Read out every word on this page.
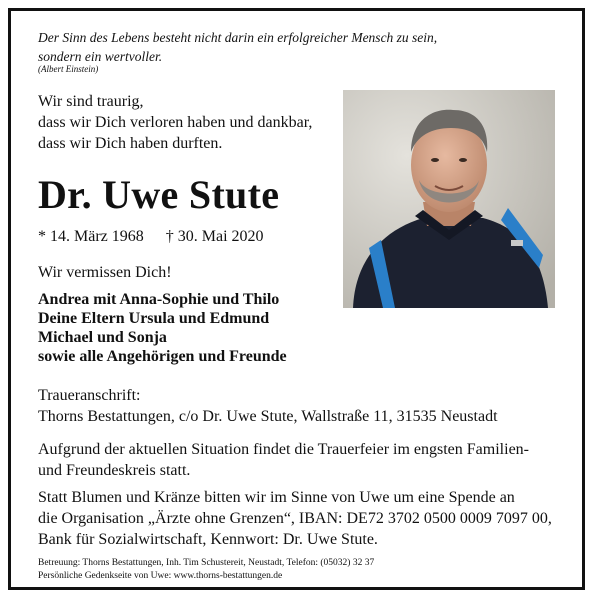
Der Sinn des Lebens besteht nicht darin ein erfolgreicher Mensch zu sein,
sondern ein wertvoller.
(Albert Einstein)
Wir sind traurig,
dass wir Dich verloren haben und dankbar,
dass wir Dich haben durften.
Dr. Uwe Stute
* 14. März 1968 † 30. Mai 2020
Wir vermissen Dich!
Andrea mit Anna-Sophie und Thilo
Deine Eltern Ursula und Edmund
Michael und Sonja
sowie alle Angehörigen und Freunde
Traueranschrift:
Thorns Bestattungen, c/o Dr. Uwe Stute, Wallstraße 11, 31535 Neustadt
Aufgrund der aktuellen Situation findet die Trauerfeier im engsten Familien-
und Freundeskreis statt.
Statt Blumen und Kränze bitten wir im Sinne von Uwe um eine Spende an
die Organisation „Ärzte ohne Grenzen“, IBAN: DE72 3702 0500 0009 7097 00,
Bank für Sozialwirtschaft, Kennwort: Dr. Uwe Stute.
Betreuung: Thorns Bestattungen, Inh. Tim Schustereit, Neustadt, Telefon: (05032) 32 37
Persönliche Gedenkseite von Uwe: www.thorns-bestattungen.de
